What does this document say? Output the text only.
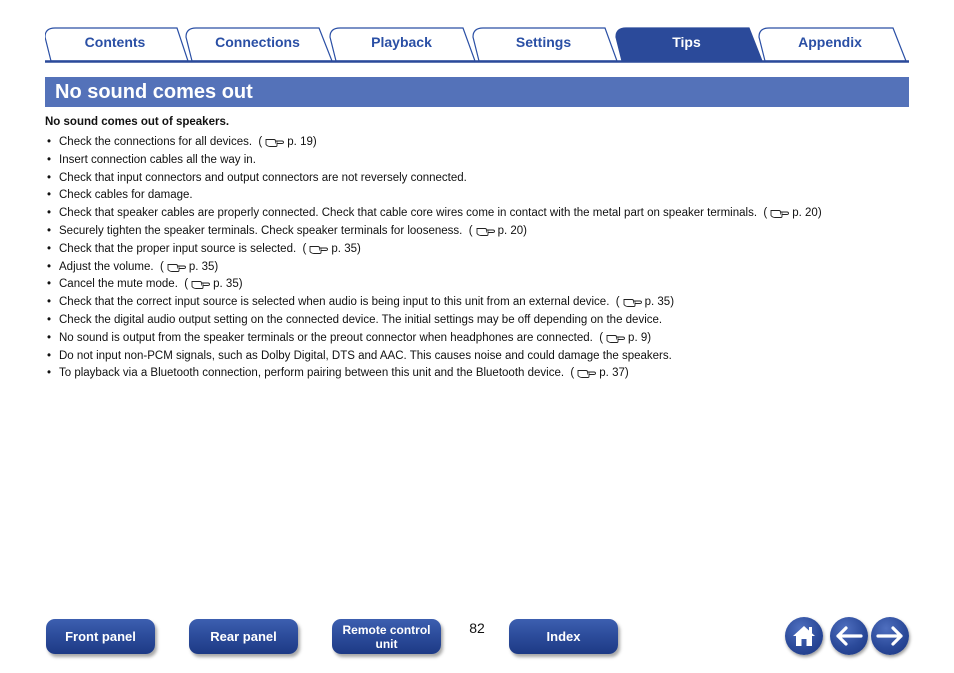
Contents	Connections	Playback	Settings	Tips	Appendix
No sound comes out

No sound comes out of speakers.

• Check the connections for all devices.  ( p. 19)
• Insert connection cables all the way in.
• Check that input connectors and output connectors are not reversely connected.
• Check cables for damage.
• Check that speaker cables are properly connected. Check that cable core wires come in contact with the metal part on speaker terminals.  ( p. 20)
• Securely tighten the speaker terminals. Check speaker terminals for looseness.  ( p. 20)
• Check that the proper input source is selected.  ( p. 35)
• Adjust the volume.  ( p. 35)
• Cancel the mute mode.  ( p. 35)
• Check that the correct input source is selected when audio is being input to this unit from an external device.  ( p. 35)
• Check the digital audio output setting on the connected device. The initial settings may be off depending on the device.
• No sound is output from the speaker terminals or the preout connector when headphones are connected.  ( p. 9)
• Do not input non-PCM signals, such as Dolby Digital, DTS and AAC. This causes noise and could damage the speakers.
• To playback via a Bluetooth connection, perform pairing between this unit and the Bluetooth device.  ( p. 37)
Front panel	Rear panel	Remote control
unit
82
Index
